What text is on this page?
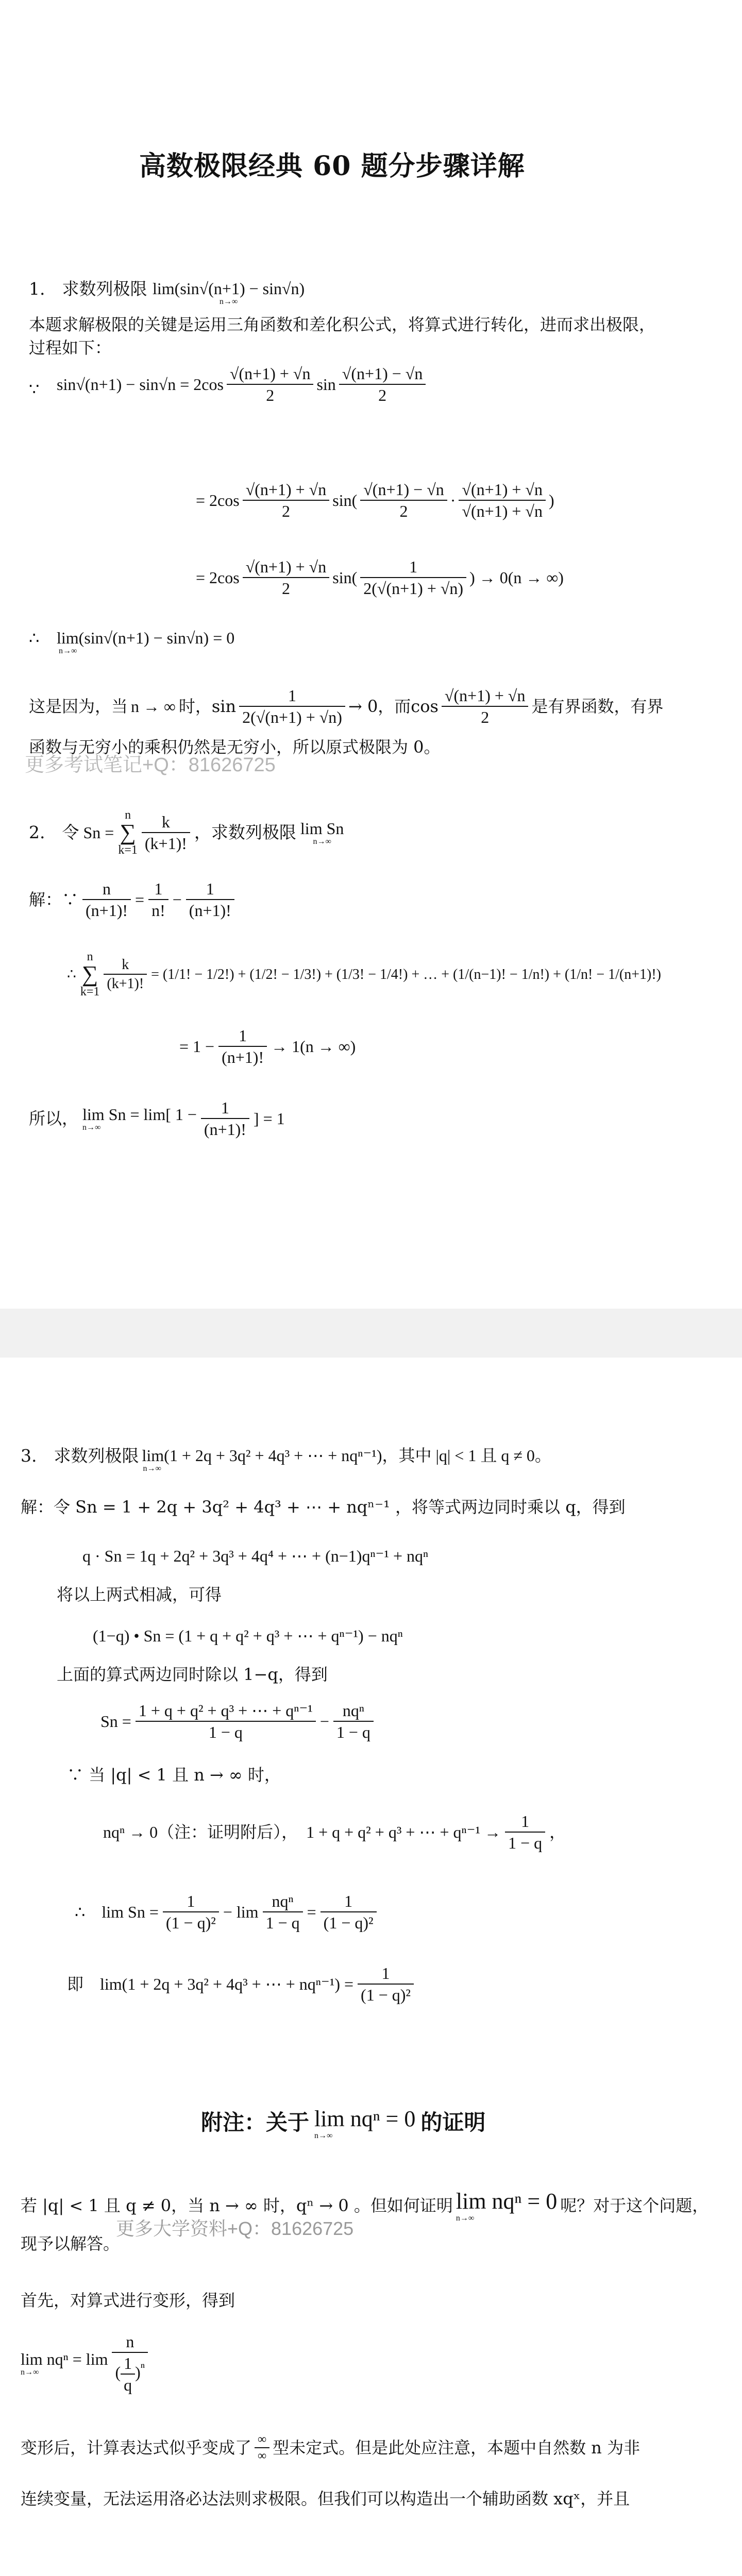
高数极限经典 60 题分步骤详解
1.　求数列极限 lim(sin√(n+1) − sin√n)
n→∞
本题求解极限的关键是运用三角函数和差化积公式，将算式进行转化，进而求出极限，
过程如下：
∵ $\sin√(n+1) - \sin√n = 2\cos \frac{√(n+1) + √n}{2}$ $\sin \frac{√(n+1) - √n}{2}$
= $2\cos \frac{√(n+1) + √n}{2} \sin( \frac{√(n+1) - √n}{2} \cdot \frac{√(n+1) + √n}{√(n+1) + √n}$ )
= $2\cos \frac{√(n+1) + √n}{2} \sin( \frac{1}{2(√(n+1) + √n)}$ ) → 0(n → ∞)
∴ lim(sin√(n+1) − sin√n) = 0
n→∞
这是因为，当 n → ∞ 时，$\sin \frac{1}{2(√(n+1) + √n)} \to 0$，而$\cos \frac{√(n+1) + √n}{2}$ 是有界函数，有界
函数与无穷小的乘积仍然是无穷小，所以原式极限为 0。
更多考试笔记+Q：81626725
2.　令 Sn =
n
∑
$k=1 \frac{k}{(k+1)!}$ ，求数列极限 lim Sn
n→∞
解：∵ $\frac{n}{(n+1)!} = \frac{1}{n!} - \frac{1}{(n+1)!}$
∴
n
∑
$k=1 \frac{k}{(k+1)!} = (1/1$! − 1/2!) + (1/2! − 1/3!) + (1/3! − 1/4!) + … + (1/(n−1)! − 1/n!) + (1/n! − 1/(n+1)!)
= $1 - \frac{1}{(n+1)!} \to 1(n$ → ∞)
所以， lim Sn = lim[ 1 −
n→∞	$\frac{1}{(n+1)!}$ ] = 1
3.　求数列极限 lim(1 + 2q + 3q² + 4q³ + ⋯ + nqⁿ⁻¹)，其中 |q| < 1 且 q ≠ 0。
n→∞
解：令 Sn = 1 + 2q + 3q² + 4q³ + ⋯ + nqⁿ⁻¹ ，将等式两边同时乘以 q，得到
q · Sn = 1q + 2q² + 3q³ + 4q⁴ + ⋯ + (n−1)qⁿ⁻¹ + nqⁿ
将以上两式相减，可得
(1−q) • Sn = (1 + q + q² + q³ + ⋯ + qⁿ⁻¹) − nqⁿ
上面的算式两边同时除以 1−q，得到
$Sn = \frac{\text{1 + q + q² + q³ + ⋯ + qⁿ⁻¹}}{1 - q} - \frac{\text{nqⁿ}}{1 - q}$
∵ 当 |q| < 1 且 n → ∞ 时，
nqⁿ → 0（注：证明附后），　1 + q + q² + q³ + ⋯ + $q^{n-1} \to \frac{1}{1 - q}$ ，
∴　$\lim Sn = \frac{1}{\text{(1 − q)²}} - \lim \frac{\text{nqⁿ}}{1 - q} = \frac{1}{\text{(1 − q)²}}$
即　lim(1 + 2q + 3q² + 4q³ + ⋯ + $nq^{n-1}) = \frac{1}{\text{(1 − q)²}}$
附注：关于 lim nqⁿ = 0
n→∞
的证明
若 |q| < 1 且 q ≠ 0，当 n → ∞ 时，qⁿ → 0 。但如何证明 lim nqⁿ = 0
n→∞
呢？对于这个问题，
现予以解答。
更多大学资料+Q：81626725
首先，对算式进行变形，得到
lim nqⁿ = lim
n→∞	$\frac{n}{( \frac{1}{q} )^{^n}}$
变形后，计算表达式似乎变成了 $\frac{\infty}{\infty}$ 型未定式。但是此处应注意，本题中自然数 n 为非
连续变量，无法运用洛必达法则求极限。但我们可以构造出一个辅助函数 xqˣ，并且
